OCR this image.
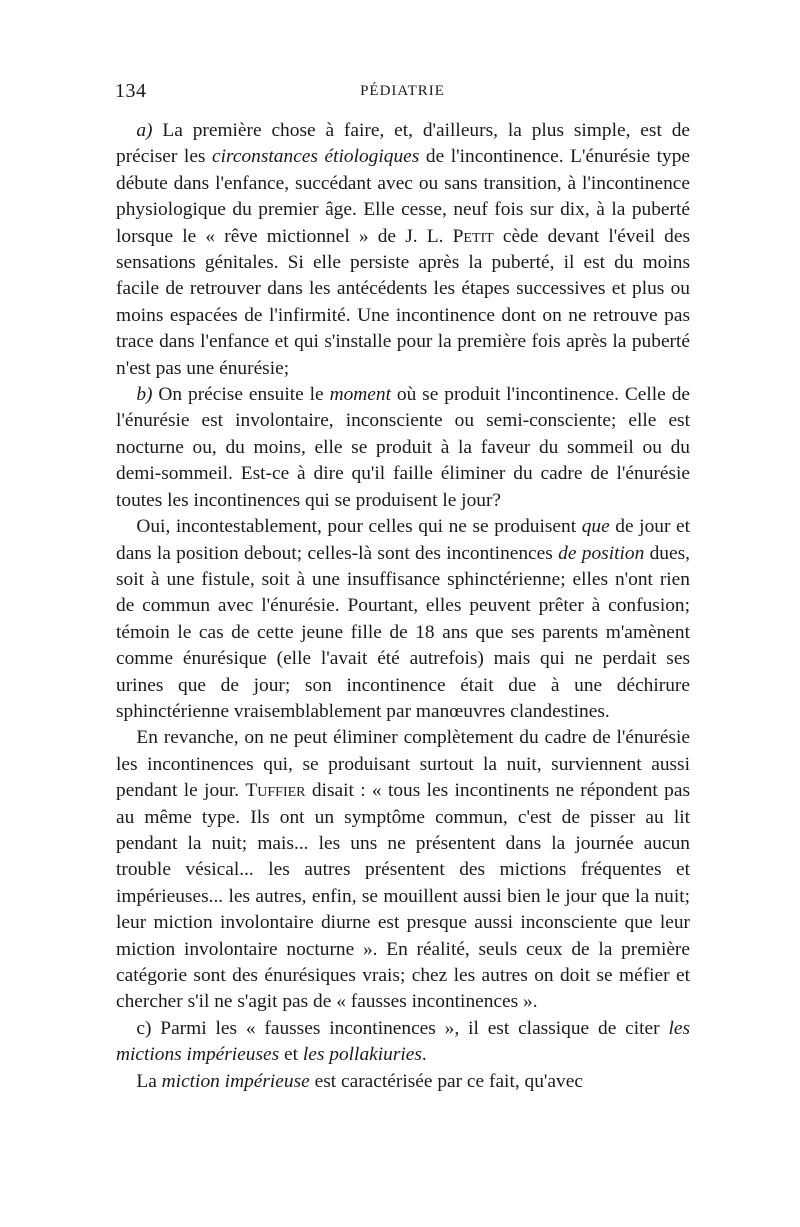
134	PÉDIATRIE

a) La première chose à faire, et, d'ailleurs, la plus simple, est de préciser les circonstances étiologiques de l'incontinence. L'énurésie type débute dans l'enfance, succédant avec ou sans transition, à l'incontinence physiologique du premier âge. Elle cesse, neuf fois sur dix, à la puberté lorsque le « rêve mictionnel » de J. L. Petit cède devant l'éveil des sensations génitales. Si elle persiste après la puberté, il est du moins facile de retrouver dans les antécédents les étapes successives et plus ou moins espacées de l'infirmité. Une incontinence dont on ne retrouve pas trace dans l'enfance et qui s'installe pour la première fois après la puberté n'est pas une énurésie;

b) On précise ensuite le moment où se produit l'incontinence. Celle de l'énurésie est involontaire, inconsciente ou semi-consciente; elle est nocturne ou, du moins, elle se produit à la faveur du sommeil ou du demi-sommeil. Est-ce à dire qu'il faille éliminer du cadre de l'énurésie toutes les incontinences qui se produisent le jour?

Oui, incontestablement, pour celles qui ne se produisent que de jour et dans la position debout; celles-là sont des incontinences de position dues, soit à une fistule, soit à une insuffisance sphinctérienne; elles n'ont rien de commun avec l'énurésie. Pourtant, elles peuvent prêter à confusion; témoin le cas de cette jeune fille de 18 ans que ses parents m'amènent comme énurésique (elle l'avait été autrefois) mais qui ne perdait ses urines que de jour; son incontinence était due à une déchirure sphinctérienne vraisemblablement par manœuvres clandestines.

En revanche, on ne peut éliminer complètement du cadre de l'énurésie les incontinences qui, se produisant surtout la nuit, surviennent aussi pendant le jour. Tuffier disait : « tous les incontinents ne répondent pas au même type. Ils ont un symptôme commun, c'est de pisser au lit pendant la nuit; mais... les uns ne présentent dans la journée aucun trouble vésical... les autres présentent des mictions fréquentes et impérieuses... les autres, enfin, se mouillent aussi bien le jour que la nuit; leur miction involontaire diurne est presque aussi inconsciente que leur miction involontaire nocturne ». En réalité, seuls ceux de la première catégorie sont des énurésiques vrais; chez les autres on doit se méfier et chercher s'il ne s'agit pas de « fausses incontinences ».

c) Parmi les « fausses incontinences », il est classique de citer les mictions impérieuses et les pollakiuries.

La miction impérieuse est caractérisée par ce fait, qu'avec
